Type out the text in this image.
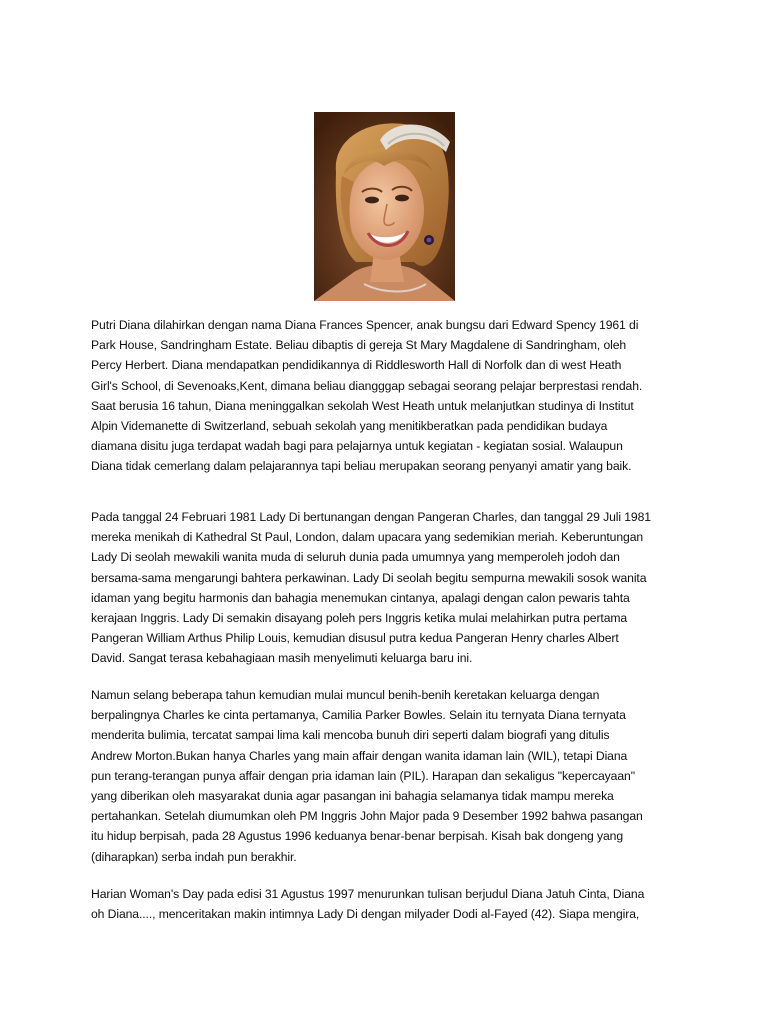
Putri Diana dilahirkan dengan nama Diana Frances Spencer, anak bungsu dari Edward Spency 1961 di
Park House, Sandringham Estate. Beliau dibaptis di gereja St Mary Magdalene di Sandringham, oleh
Percy Herbert. Diana mendapatkan pendidikannya di Riddlesworth Hall di Norfolk dan di west Heath
Girl's School, di Sevenoaks,Kent, dimana beliau diangggap sebagai seorang pelajar berprestasi rendah.
Saat berusia 16 tahun, Diana meninggalkan sekolah West Heath untuk melanjutkan studinya di Institut
Alpin Videmanette di Switzerland, sebuah sekolah yang menitikberatkan pada pendidikan budaya
diamana disitu juga terdapat wadah bagi para pelajarnya untuk kegiatan - kegiatan sosial. Walaupun
Diana tidak cemerlang dalam pelajarannya tapi beliau merupakan seorang penyanyi amatir yang baik.
Pada tanggal 24 Februari 1981 Lady Di bertunangan dengan Pangeran Charles, dan tanggal 29 Juli 1981
mereka menikah di Kathedral St Paul, London, dalam upacara yang sedemikian meriah. Keberuntungan
Lady Di seolah mewakili wanita muda di seluruh dunia pada umumnya yang memperoleh jodoh dan
bersama-sama mengarungi bahtera perkawinan. Lady Di seolah begitu sempurna mewakili sosok wanita
idaman yang begitu harmonis dan bahagia menemukan cintanya, apalagi dengan calon pewaris tahta
kerajaan Inggris. Lady Di semakin disayang poleh pers Inggris ketika mulai melahirkan putra pertama
Pangeran William Arthus Philip Louis, kemudian disusul putra kedua Pangeran Henry charles Albert
David. Sangat terasa kebahagiaan masih menyelimuti keluarga baru ini.
Namun selang beberapa tahun kemudian mulai muncul benih-benih keretakan keluarga dengan
berpalingnya Charles ke cinta pertamanya, Camilia Parker Bowles. Selain itu ternyata Diana ternyata
menderita bulimia, tercatat sampai lima kali mencoba bunuh diri seperti dalam biografi yang ditulis
Andrew Morton.Bukan hanya Charles yang main affair dengan wanita idaman lain (WIL), tetapi Diana
pun terang-terangan punya affair dengan pria idaman lain (PIL). Harapan dan sekaligus "kepercayaan"
yang diberikan oleh masyarakat dunia agar pasangan ini bahagia selamanya tidak mampu mereka
pertahankan. Setelah diumumkan oleh PM Inggris John Major pada 9 Desember 1992 bahwa pasangan
itu hidup berpisah, pada 28 Agustus 1996 keduanya benar-benar berpisah. Kisah bak dongeng yang
(diharapkan) serba indah pun berakhir.
Harian Woman's Day pada edisi 31 Agustus 1997 menurunkan tulisan berjudul Diana Jatuh Cinta, Diana
oh Diana...., menceritakan makin intimnya Lady Di dengan milyader Dodi al-Fayed (42). Siapa mengira,
